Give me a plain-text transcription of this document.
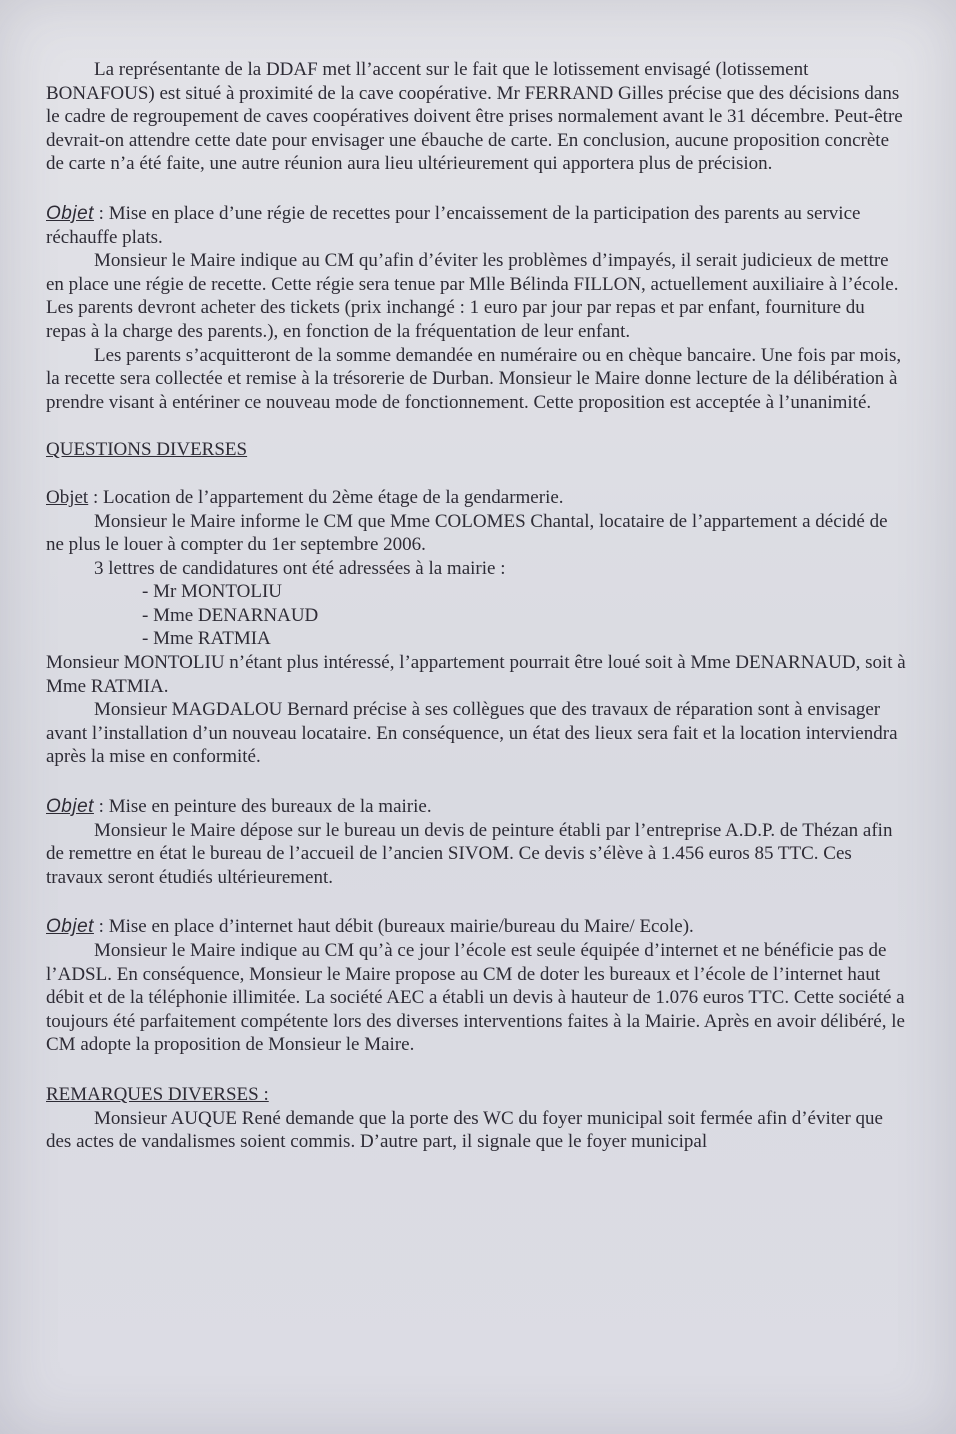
La représentante de la DDAF met ll’accent sur le fait que le lotissement envisagé (lotissement BONAFOUS) est situé à proximité de la cave coopérative. Mr FERRAND Gilles précise que des décisions dans le cadre de regroupement de caves coopératives doivent être prises normalement avant le 31 décembre. Peut-être devrait-on attendre cette date pour envisager une ébauche de carte. En conclusion, aucune proposition concrète de carte n’a été faite, une autre réunion aura lieu ultérieurement qui apportera plus de précision.

Objet : Mise en place d’une régie de recettes pour l’encaissement de la participation des parents au service réchauffe plats.

Monsieur le Maire indique au CM qu’afin d’éviter les problèmes d’impayés, il serait judicieux de mettre en place une régie de recette. Cette régie sera tenue par Mlle Bélinda FILLON, actuellement auxiliaire à l’école. Les parents devront acheter des tickets (prix inchangé : 1 euro par jour par repas et par enfant, fourniture du repas à la charge des parents.), en fonction de la fréquentation de leur enfant.

Les parents s’acquitteront de la somme demandée en numéraire ou en chèque bancaire. Une fois par mois, la recette sera collectée et remise à la trésorerie de Durban. Monsieur le Maire donne lecture de la délibération à prendre visant à entériner ce nouveau mode de fonctionnement. Cette proposition est acceptée à l’unanimité.

QUESTIONS DIVERSES

Objet : Location de l’appartement du 2ème étage de la gendarmerie.

Monsieur le Maire informe le CM que Mme COLOMES Chantal, locataire de l’appartement a décidé de ne plus le louer à compter du 1er septembre 2006.

3 lettres de candidatures ont été adressées à la mairie :

- Mr MONTOLIU
- Mme DENARNAUD
- Mme RATMIA

Monsieur MONTOLIU n’étant plus intéressé, l’appartement pourrait être loué soit à Mme DENARNAUD, soit à Mme RATMIA.

Monsieur MAGDALOU Bernard précise à ses collègues que des travaux de réparation sont à envisager avant l’installation d’un nouveau locataire. En conséquence, un état des lieux sera fait et la location interviendra après la mise en conformité.

Objet : Mise en peinture des bureaux de la mairie.

Monsieur le Maire dépose sur le bureau un devis de peinture établi par l’entreprise A.D.P. de Thézan afin de remettre en état le bureau de l’accueil de l’ancien SIVOM. Ce devis s’élève à 1.456 euros 85 TTC. Ces travaux seront étudiés ultérieurement.

Objet : Mise en place d’internet haut débit (bureaux mairie/bureau du Maire/ Ecole).

Monsieur le Maire indique au CM qu’à ce jour l’école est seule équipée d’internet et ne bénéficie pas de l’ADSL. En conséquence, Monsieur le Maire propose au CM de doter les bureaux et l’école de l’internet haut débit et de la téléphonie illimitée. La société AEC a établi un devis à hauteur de 1.076 euros TTC. Cette société a toujours été parfaitement compétente lors des diverses interventions faites à la Mairie. Après en avoir délibéré, le CM adopte la proposition de Monsieur le Maire.

REMARQUES DIVERSES :

Monsieur AUQUE René demande que la porte des WC du foyer municipal soit fermée afin d’éviter que des actes de vandalismes soient commis. D’autre part, il signale que le foyer municipal
